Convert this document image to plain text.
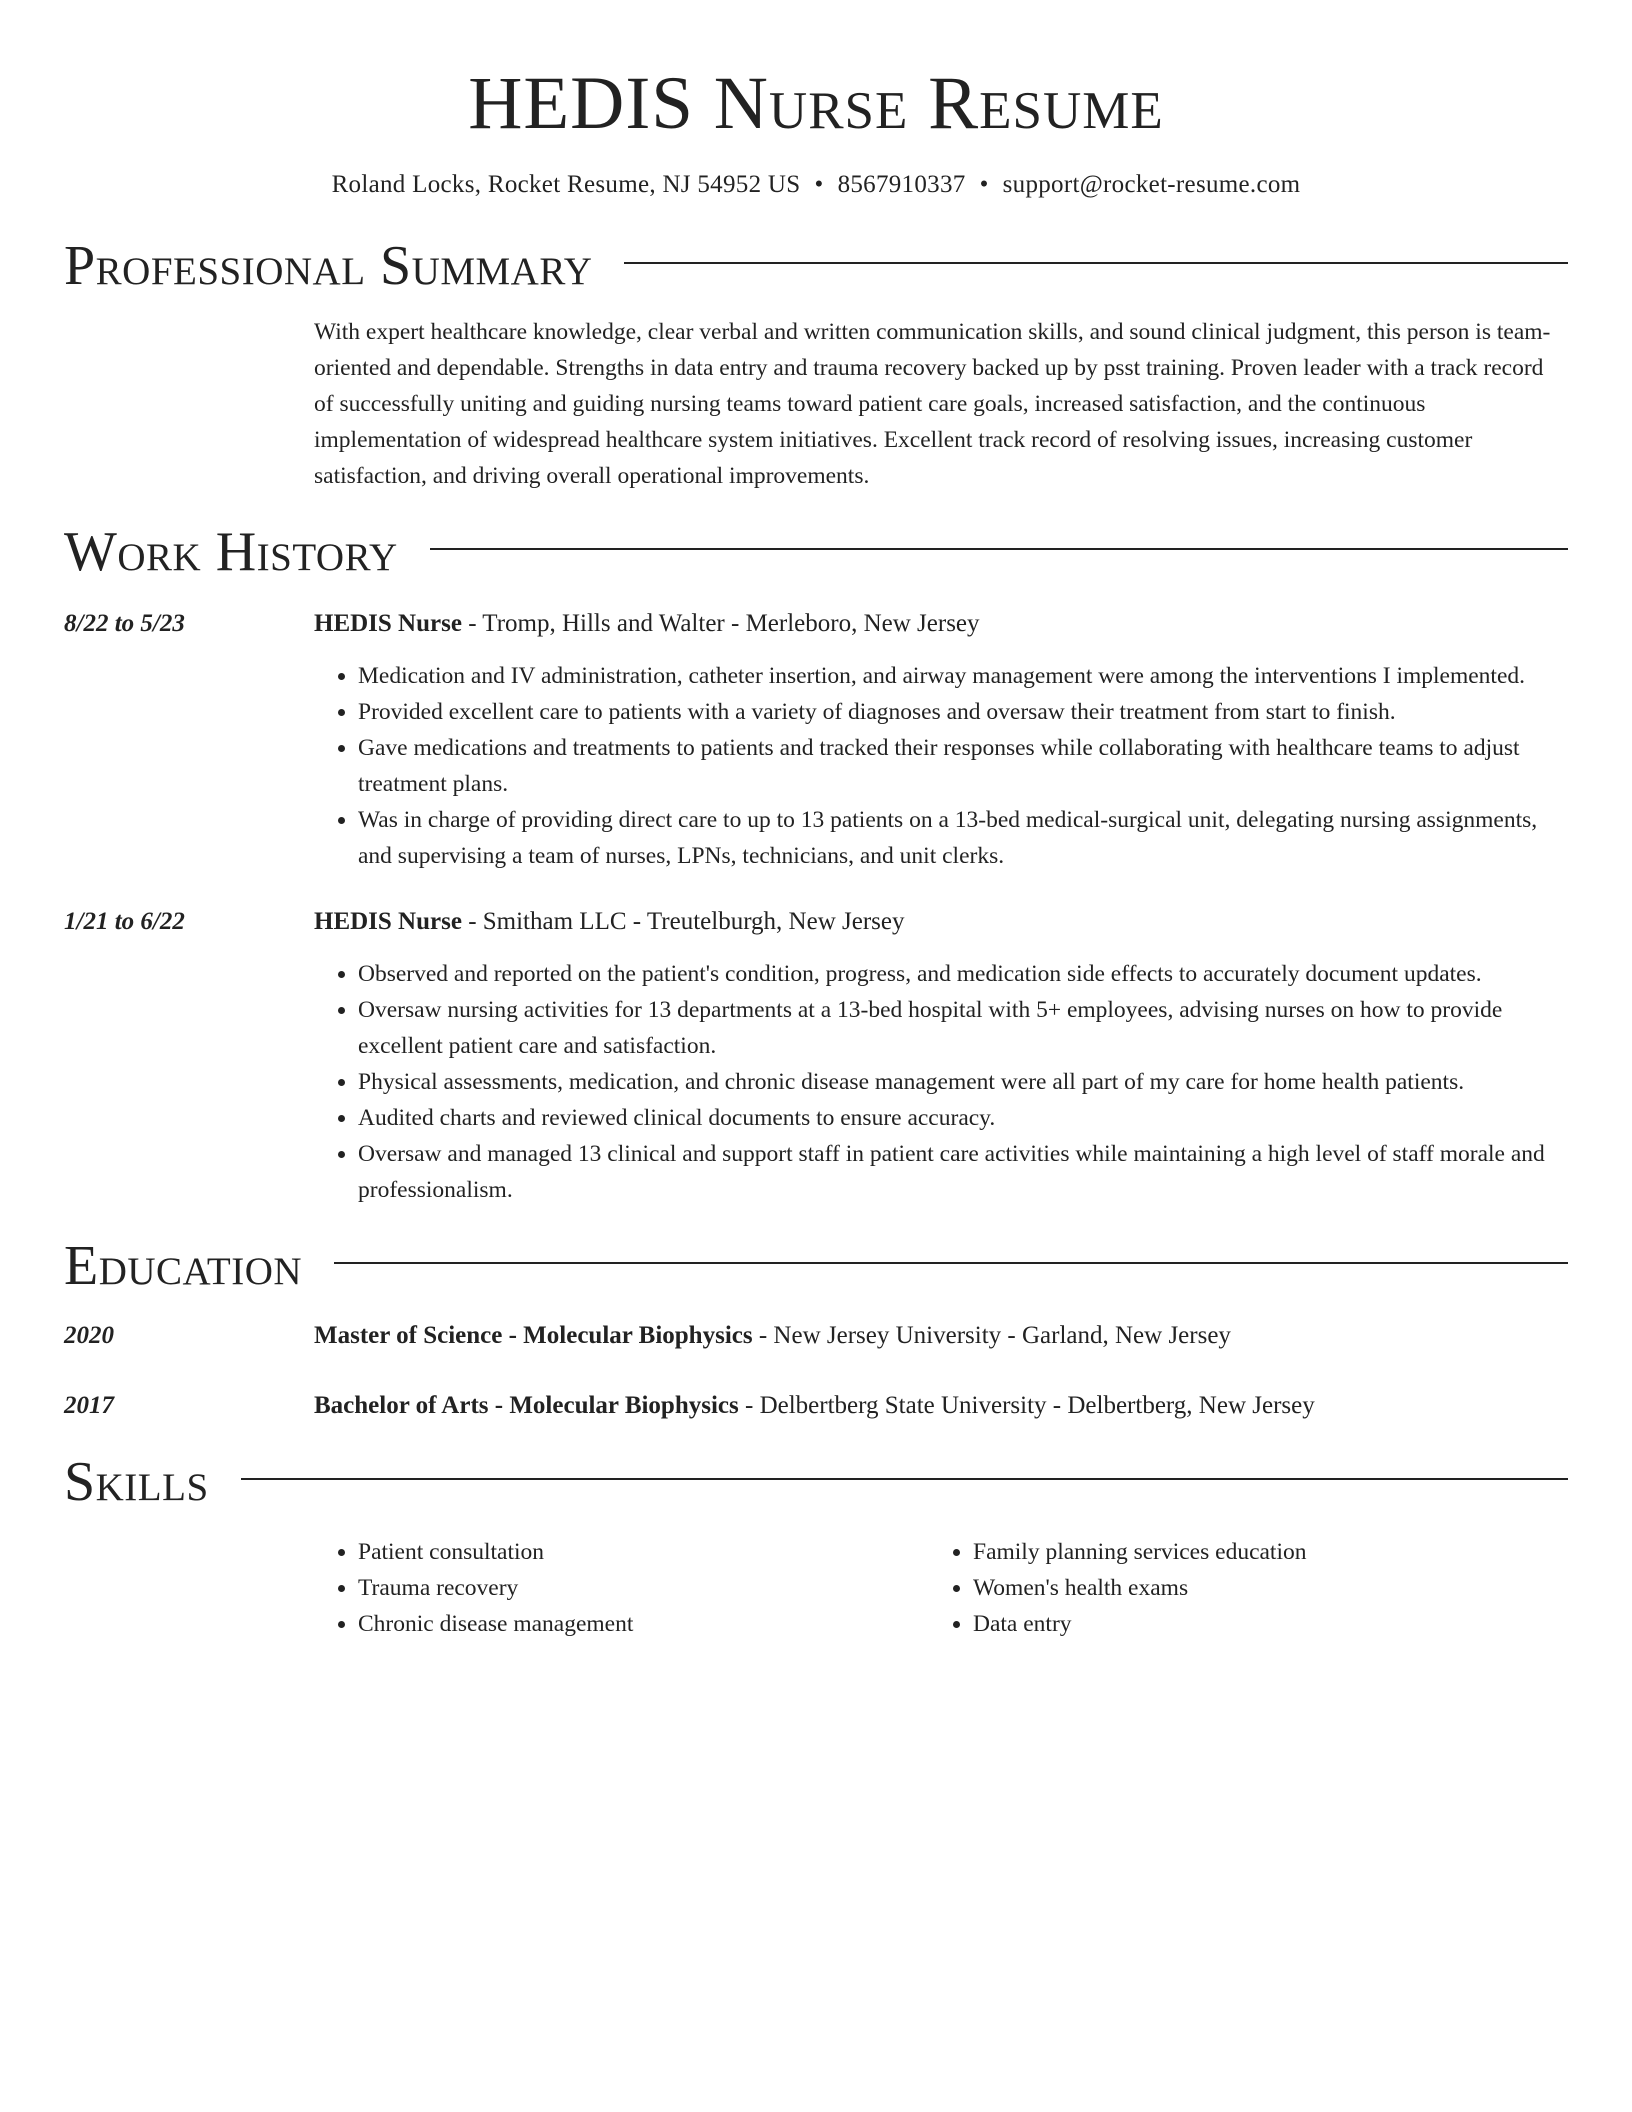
HEDIS Nurse Resume
Roland Locks, Rocket Resume, NJ 54952 US • 8567910337 • support@rocket-resume.com
Professional Summary
With expert healthcare knowledge, clear verbal and written communication skills, and sound clinical judgment, this person is team-oriented and dependable. Strengths in data entry and trauma recovery backed up by psst training. Proven leader with a track record of successfully uniting and guiding nursing teams toward patient care goals, increased satisfaction, and the continuous implementation of widespread healthcare system initiatives. Excellent track record of resolving issues, increasing customer satisfaction, and driving overall operational improvements.
Work History
8/22 to 5/23	HEDIS Nurse - Tromp, Hills and Walter - Merleboro, New Jersey
• Medication and IV administration, catheter insertion, and airway management were among the interventions I implemented.
• Provided excellent care to patients with a variety of diagnoses and oversaw their treatment from start to finish.
• Gave medications and treatments to patients and tracked their responses while collaborating with healthcare teams to adjust treatment plans.
• Was in charge of providing direct care to up to 13 patients on a 13-bed medical-surgical unit, delegating nursing assignments, and supervising a team of nurses, LPNs, technicians, and unit clerks.
1/21 to 6/22	HEDIS Nurse - Smitham LLC - Treutelburgh, New Jersey
• Observed and reported on the patient's condition, progress, and medication side effects to accurately document updates.
• Oversaw nursing activities for 13 departments at a 13-bed hospital with 5+ employees, advising nurses on how to provide excellent patient care and satisfaction.
• Physical assessments, medication, and chronic disease management were all part of my care for home health patients.
• Audited charts and reviewed clinical documents to ensure accuracy.
• Oversaw and managed 13 clinical and support staff in patient care activities while maintaining a high level of staff morale and professionalism.
Education
2020	Master of Science - Molecular Biophysics - New Jersey University - Garland, New Jersey
2017	Bachelor of Arts - Molecular Biophysics - Delbertberg State University - Delbertberg, New Jersey
Skills
• Patient consultation
• Trauma recovery
• Chronic disease management
• Family planning services education
• Women's health exams
• Data entry
